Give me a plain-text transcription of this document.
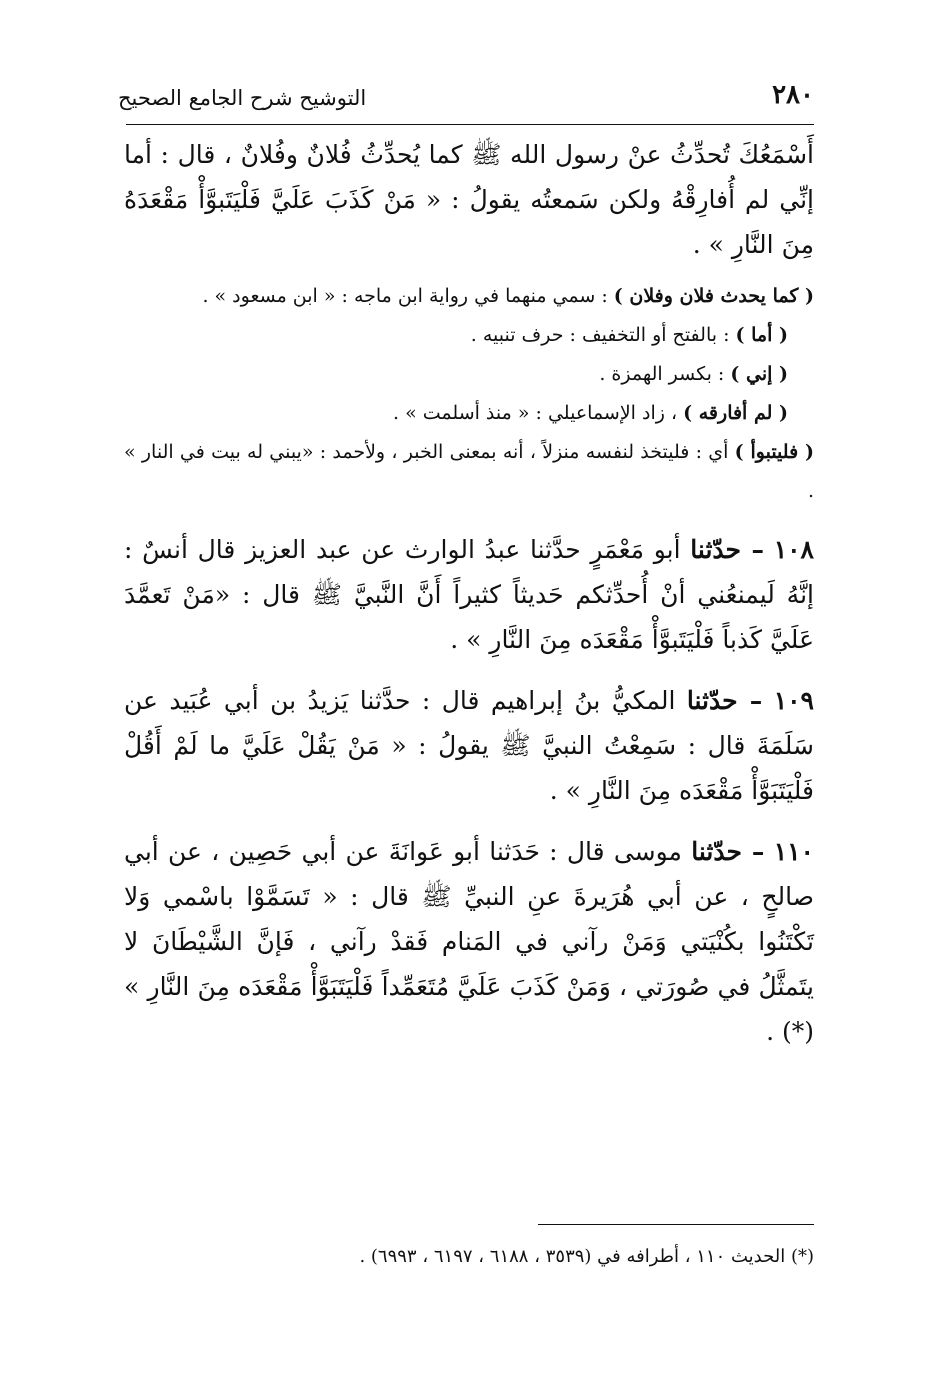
٢٨٠
التوشيح شرح الجامع الصحيح

أَسْمَعُكَ تُحدِّثُ عنْ رسول الله ﷺ كما يُحدِّثُ فُلانٌ وفُلانٌ ، قال : أما إنِّي لم أُفارِقْهُ ولكن سَمعتُه يقولُ : « مَنْ كَذَبَ عَلَيَّ فَلْيَتَبوَّأْ مَقْعَدَهُ مِنَ النَّارِ » .

( كما يحدث فلان وفلان ) : سمي منهما في رواية ابن ماجه : « ابن مسعود » .

( أما ) : بالفتح أو التخفيف : حرف تنبيه .

( إني ) : بكسر الهمزة .

( لم أفارقه ) ، زاد الإسماعيلي : « منذ أسلمت » .

( فليتبوأ ) أي : فليتخذ لنفسه منزلاً ، أنه بمعنى الخبر ، ولأحمد : «يبني له بيت في النار » .

١٠٨ – حدّثنا أبو مَعْمَرٍ حدَّثنا عبدُ الوارث عن عبد العزيز قال أنسٌ : إنَّهُ لَيمنعُني أنْ أُحدِّثكم حَديثاً كثيراً أَنَّ النَّبيَّ ﷺ قال : «مَنْ تَعمَّدَ عَلَيَّ كَذباً فَلْيَتَبوَّأْ مَقْعَدَه مِنَ النَّارِ » .

١٠٩ – حدّثنا المكيُّ بنُ إبراهيم قال : حدَّثنا يَزيدُ بن أبي عُبَيد عن سَلَمَةَ قال : سَمِعْتُ النبيَّ ﷺ يقولُ : « مَنْ يَقُلْ عَلَيَّ ما لَمْ أَقُلْ فَلْيَتَبَوَّأْ مَقْعَدَه مِنَ النَّارِ » .

١١٠ – حدّثنا موسى قال : حَدَثنا أبو عَوانَةَ عن أبي حَصِين ، عن أبي صالحٍ ، عن أبي هُرَيرةَ عنِ النبيِّ ﷺ قال : « تَسَمَّوْا باسْمي وَلا تَكْتَنُوا بكُنْيَتي وَمَنْ رآني في المَنام فَقدْ رآني ، فَإنَّ الشَّيْطَانَ لا يتَمثَّلُ في صُورَتي ، وَمَنْ كَذَبَ عَلَيَّ مُتَعَمِّداً فَلْيَتَبَوَّأْ مَقْعَدَه مِنَ النَّارِ » (*) .

(*) الحديث ١١٠ ، أطرافه في (٣٥٣٩ ، ٦١٨٨ ، ٦١٩٧ ، ٦٩٩٣) .
